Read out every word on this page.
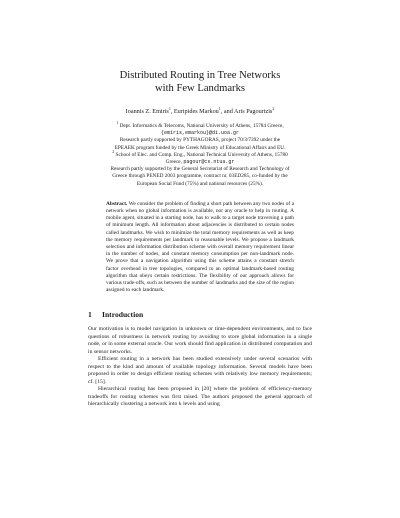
Distributed Routing in Tree Networks
with Few Landmarks
Ioannis Z. Emiris$^1$, Euripides Markou$^1$, and Aris Pagourtzis$^2$

$^1$ Dept. Informatics & Telecoms, National University of Athens, 15784 Greece,
{emiris,emarkou}@di.uoa.gr

Research partly supported by PYTHAGORAS, project 70/3/7392 under the
EPEAEK program funded by the Greek Ministry of Educational Affairs and EU.

$^2$ School of Elec. and Comp. Eng., National Technical University of Athens, 15780
Greece, pagour@cs.ntua.gr

Research partly supported by the General Secretariat of Research and Technology of
Greece through PENED 2003 programme, contract nr. 03ED285, co-funded by the
European Social Fund (75%) and national resources (25%).

Abstract. We consider the problem of finding a short path between any two nodes of a network when no global information is available, nor any oracle to help in routing. A mobile agent, situated in a starting node, has to walk to a target node traversing a path of minimum length. All information about adjacencies is distributed to certain nodes called landmarks. We wish to minimize the total memory requirements as well as keep the memory requirements per landmark to reasonable levels. We propose a landmark selection and information distribution scheme with overall memory requirement linear in the number of nodes, and constant memory consumption per non-landmark node. We prove that a navigation algorithm using this scheme attains a constant stretch factor overhead in tree topologies, compared to an optimal landmark-based routing algorithm that obeys certain restrictions. The flexibility of our approach allows for various trade-offs, such as between the number of landmarks and the size of the region assigned to each landmark.
1 Introduction

Our motivation is to model navigation in unknown or time-dependent environments, and to face questions of robustness in network routing by avoiding to store global information in a single node, or in some external oracle. Our work should find application in distributed computation and in sensor networks.

Efficient routing in a network has been studied extensively under several scenarios with respect to the kind and amount of available topology information. Several models have been proposed in order to design efficient routing schemes with relatively low memory requirements; cf. [15].

Hierarchical routing has been proposed in [20] where the problem of efficiency-memory tradeoffs for routing schemes was first raised. The authors proposed the general approach of hierarchically clustering a network into k levels and using
